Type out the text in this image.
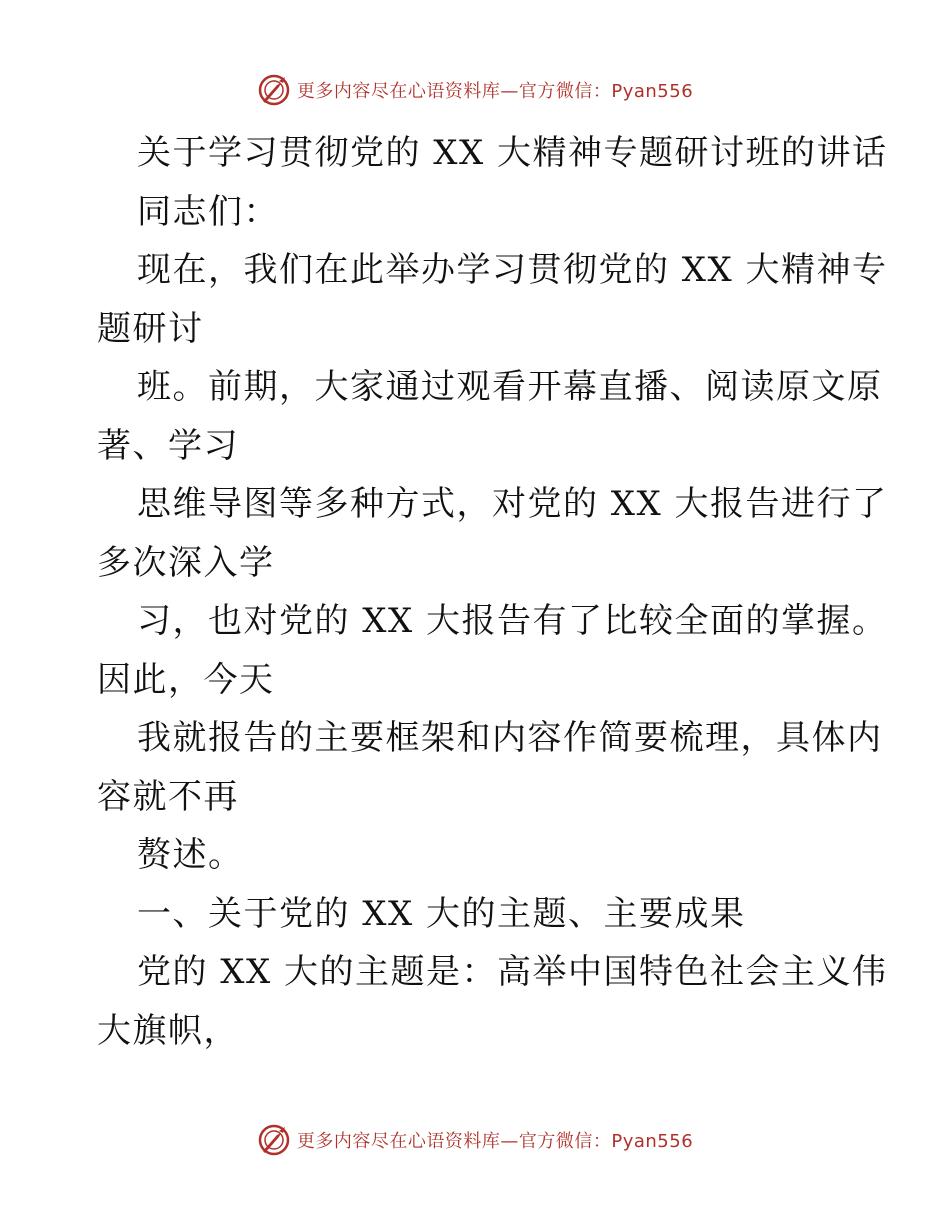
更多内容尽在心语资料库—官方微信：Pyan556
关于学习贯彻党的 XX 大精神专题研讨班的讲话
同志们：
现在，我们在此举办学习贯彻党的 XX 大精神专
题研讨
班。前期，大家通过观看开幕直播、阅读原文原
著、学习
思维导图等多种方式，对党的 XX 大报告进行了
多次深入学
习，也对党的 XX 大报告有了比较全面的掌握。
因此，今天
我就报告的主要框架和内容作简要梳理，具体内
容就不再
赘述。
一、关于党的 XX 大的主题、主要成果
党的 XX 大的主题是：高举中国特色社会主义伟
大旗帜，
更多内容尽在心语资料库—官方微信：Pyan556
